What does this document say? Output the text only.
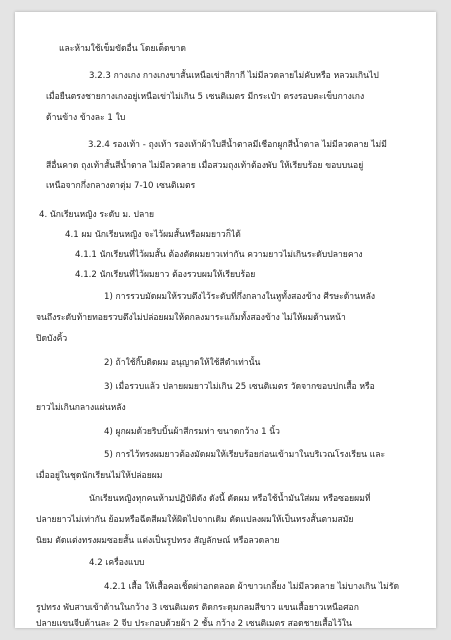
และห้ามใช้เข็มขัดอื่น โดยเด็ดขาด
3.2.3 กางเกง กางเกงขาสั้นเหนือเข่าสีกากี ไม่มีลวดลายไม่คับหรือ หลวมเกินไป
เมื่อยืนตรงชายกางเกงอยู่เหนือเข่าไม่เกิน 5 เซนติเมตร มีกระเป๋า ตรงรอบตะเข็บกางเกง
ด้านข้าง ข้างละ 1 ใบ
3.2.4 รองเท้า - ถุงเท้า รองเท้าผ้าใบสีน้ำตาลมีเชือกผูกสีน้ำตาล ไม่มีลวดลาย ไม่มี
สีอื่นคาด ถุงเท้าสั้นสีน้ำตาล ไม่มีลวดลาย เมื่อสวมถุงเท้าต้องพับ ให้เรียบร้อย ขอบบนอยู่
เหนือจากกึ่งกลางตาตุ่ม 7-10 เซนติเมตร
4. นักเรียนหญิง ระดับ ม. ปลาย
4.1 ผม นักเรียนหญิง จะไว้ผมสั้นหรือผมยาวก็ได้
4.1.1 นักเรียนที่ไว้ผมสั้น ต้องตัดผมยาวเท่ากัน ความยาวไม่เกินระดับปลายคาง
4.1.2 นักเรียนที่ไว้ผมยาว ต้องรวบผมให้เรียบร้อย
1) การรวบมัดผมให้รวบตึงไว้ระดับที่กึ่งกลางในหูทั้งสองข้าง ศีรษะด้านหลัง
จนถึงระดับท้ายทอยรวบตึงไม่ปล่อยผมให้ตกลงมาระแก้มทั้งสองข้าง ไม่ให้ผมด้านหน้า
ปิดบังคิ้ว
2) ถ้าใช้กิ๊บติดผม อนุญาตให้ใช้สีดำเท่านั้น
3) เมื่อรวบแล้ว ปลายผมยาวไม่เกิน 25 เซนติเมตร วัดจากขอบปกเสื้อ หรือ
ยาวไม่เกินกลางแผ่นหลัง
4) ผูกผมด้วยริบบิ้นผ้าสีกรมท่า ขนาดกว้าง 1 นิ้ว
5) การไว้ทรงผมยาวต้องมัดผมให้เรียบร้อยก่อนเข้ามาในบริเวณโรงเรียน และ
เมื่ออยู่ในชุดนักเรียนไม่ให้ปล่อยผม
นักเรียนหญิงทุกคนห้ามปฏิบัติดัง ดังนี้ ดัดผม หรือใช้น้ำมันใส่ผม หรือซอยผมที่
ปลายยาวไม่เท่ากัน ย้อมหรือฉีดสีผมให้ผิดไปจากเดิม ตัดแปลงผมให้เป็นทรงสั้นตามสมัย
นิยม ตัดแต่งทรงผมซอยสั้น แต่งเป็นรูปทรง สัญลักษณ์ หรือลวดลาย
4.2 เครื่องแบบ
4.2.1 เสื้อ ให้เสื้อคอเชิ้ตผ่าอกตลอด ผ้าขาวเกลี้ยง ไม่มีลวดลาย ไม่บางเกิน ไม่รัด
รูปทรง พับสาบเข้าด้านในกว้าง 3 เซนติเมตร ติดกระดุมกลมสีขาว แขนเสื้อยาวเหนือศอก
ปลายแขนจีบด้านละ 2 จีบ ประกอบด้วยผ้า 2 ชั้น กว้าง 2 เซนติเมตร สอดชายเสื้อไว้ใน
